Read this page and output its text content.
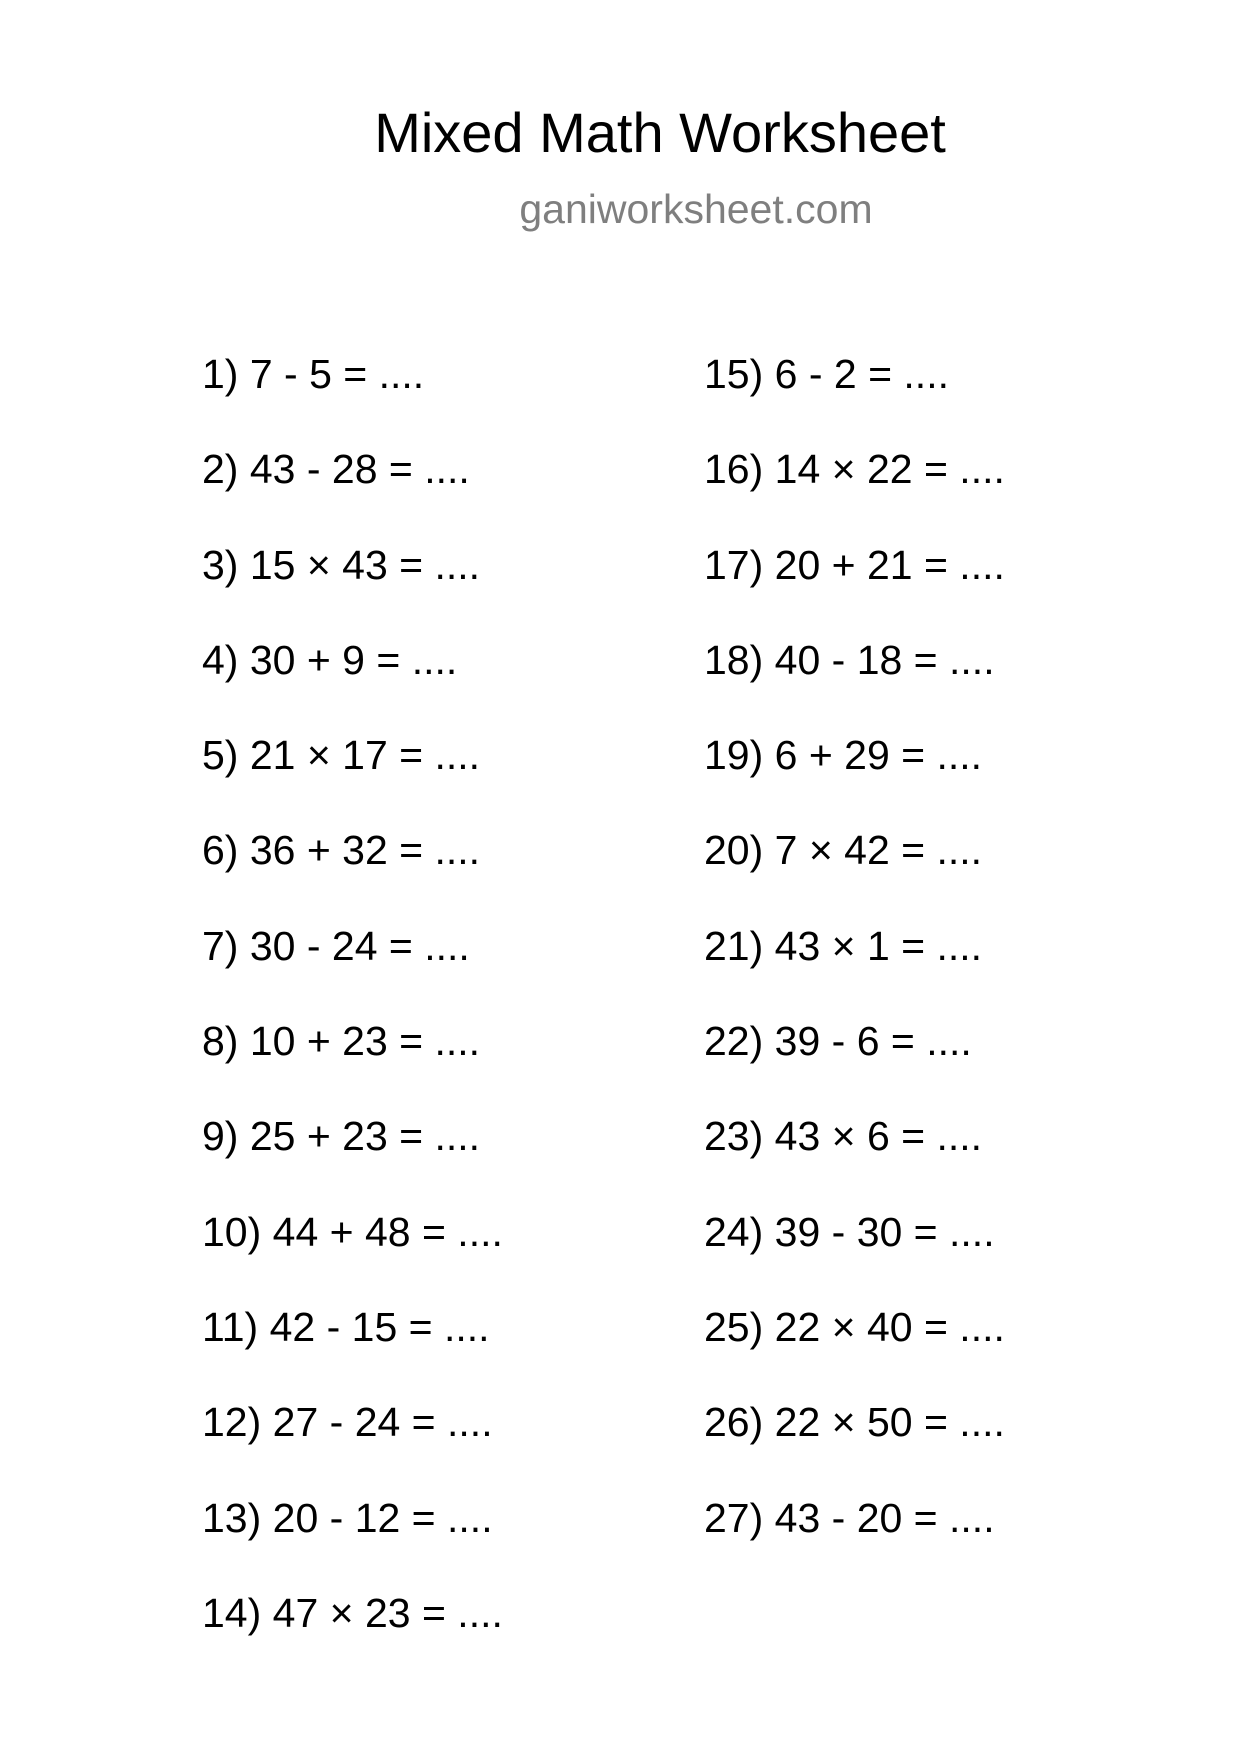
Mixed Math Worksheet
ganiworksheet.com
1) 7 - 5 = ....
2) 43 - 28 = ....
3) 15 × 43 = ....
4) 30 + 9 = ....
5) 21 × 17 = ....
6) 36 + 32 = ....
7) 30 - 24 = ....
8) 10 + 23 = ....
9) 25 + 23 = ....
10) 44 + 48 = ....
11) 42 - 15 = ....
12) 27 - 24 = ....
13) 20 - 12 = ....
14) 47 × 23 = ....
15) 6 - 2 = ....
16) 14 × 22 = ....
17) 20 + 21 = ....
18) 40 - 18 = ....
19) 6 + 29 = ....
20) 7 × 42 = ....
21) 43 × 1 = ....
22) 39 - 6 = ....
23) 43 × 6 = ....
24) 39 - 30 = ....
25) 22 × 40 = ....
26) 22 × 50 = ....
27) 43 - 20 = ....
